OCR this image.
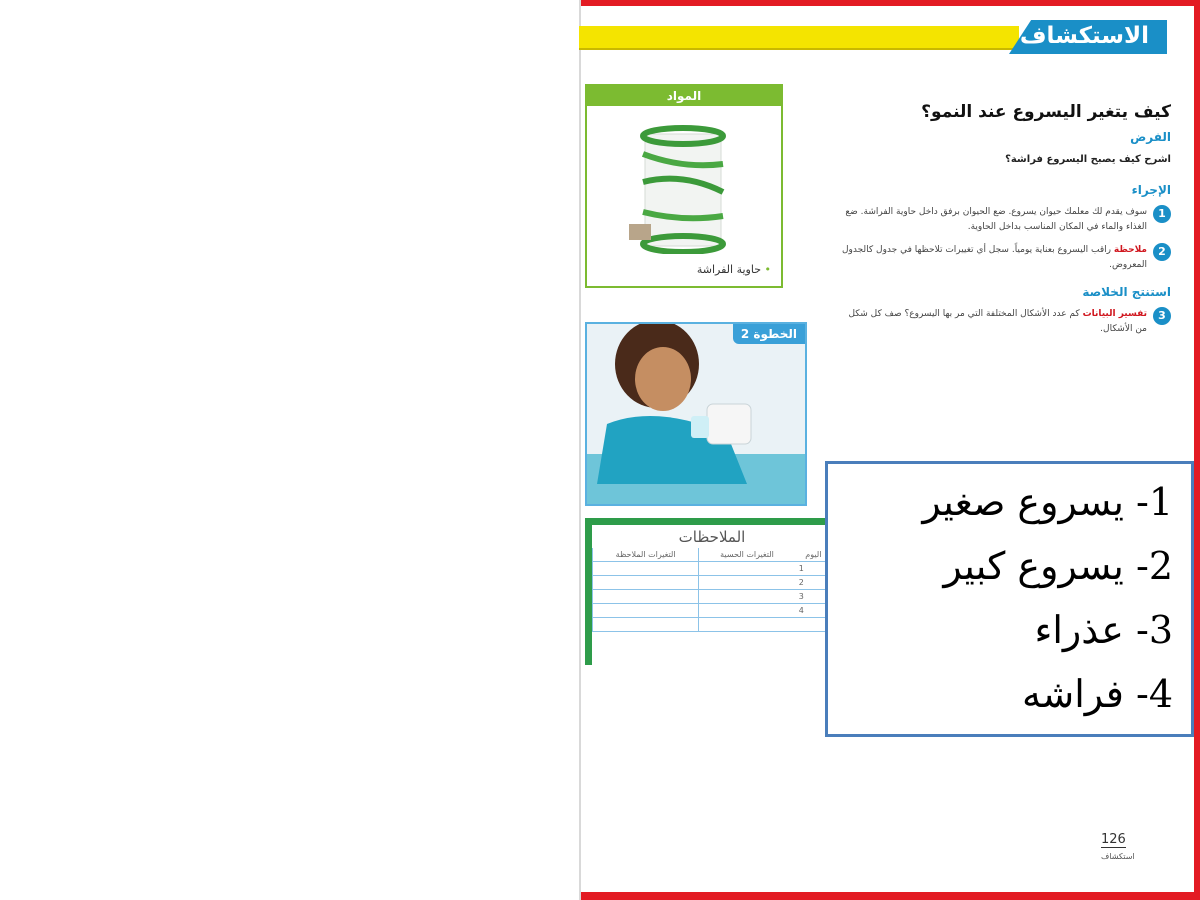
الاستكشاف
المواد
• حاوية الفراشة
الخطوة 2
الملاحظات
التغيرات الملاحظة	التغيرات الحسية	اليوم
		1
		2
		3
		4

كيف يتغير اليسروع عند النمو؟
الفرض
اشرح كيف يصبح اليسروع فراشة؟
الإجراء
1
سوف يقدم لك معلمك حيوان يسروع. ضع الحيوان برفق داخل حاوية الفراشة. ضع الغذاء والماء في المكان المناسب بداخل الحاوية.
2
ملاحظة راقب اليسروع بعناية يومياً. سجل أي تغييرات تلاحظها في جدول كالجدول المعروض.
استنتج الخلاصة
3
تفسير البيانات كم عدد الأشكال المختلفة التي مر بها اليسروع؟ صف كل شكل من الأشكال.
126
استكشاف
1- يسروع صغير
2- يسروع كبير
3- عذراء
4- فراشه
